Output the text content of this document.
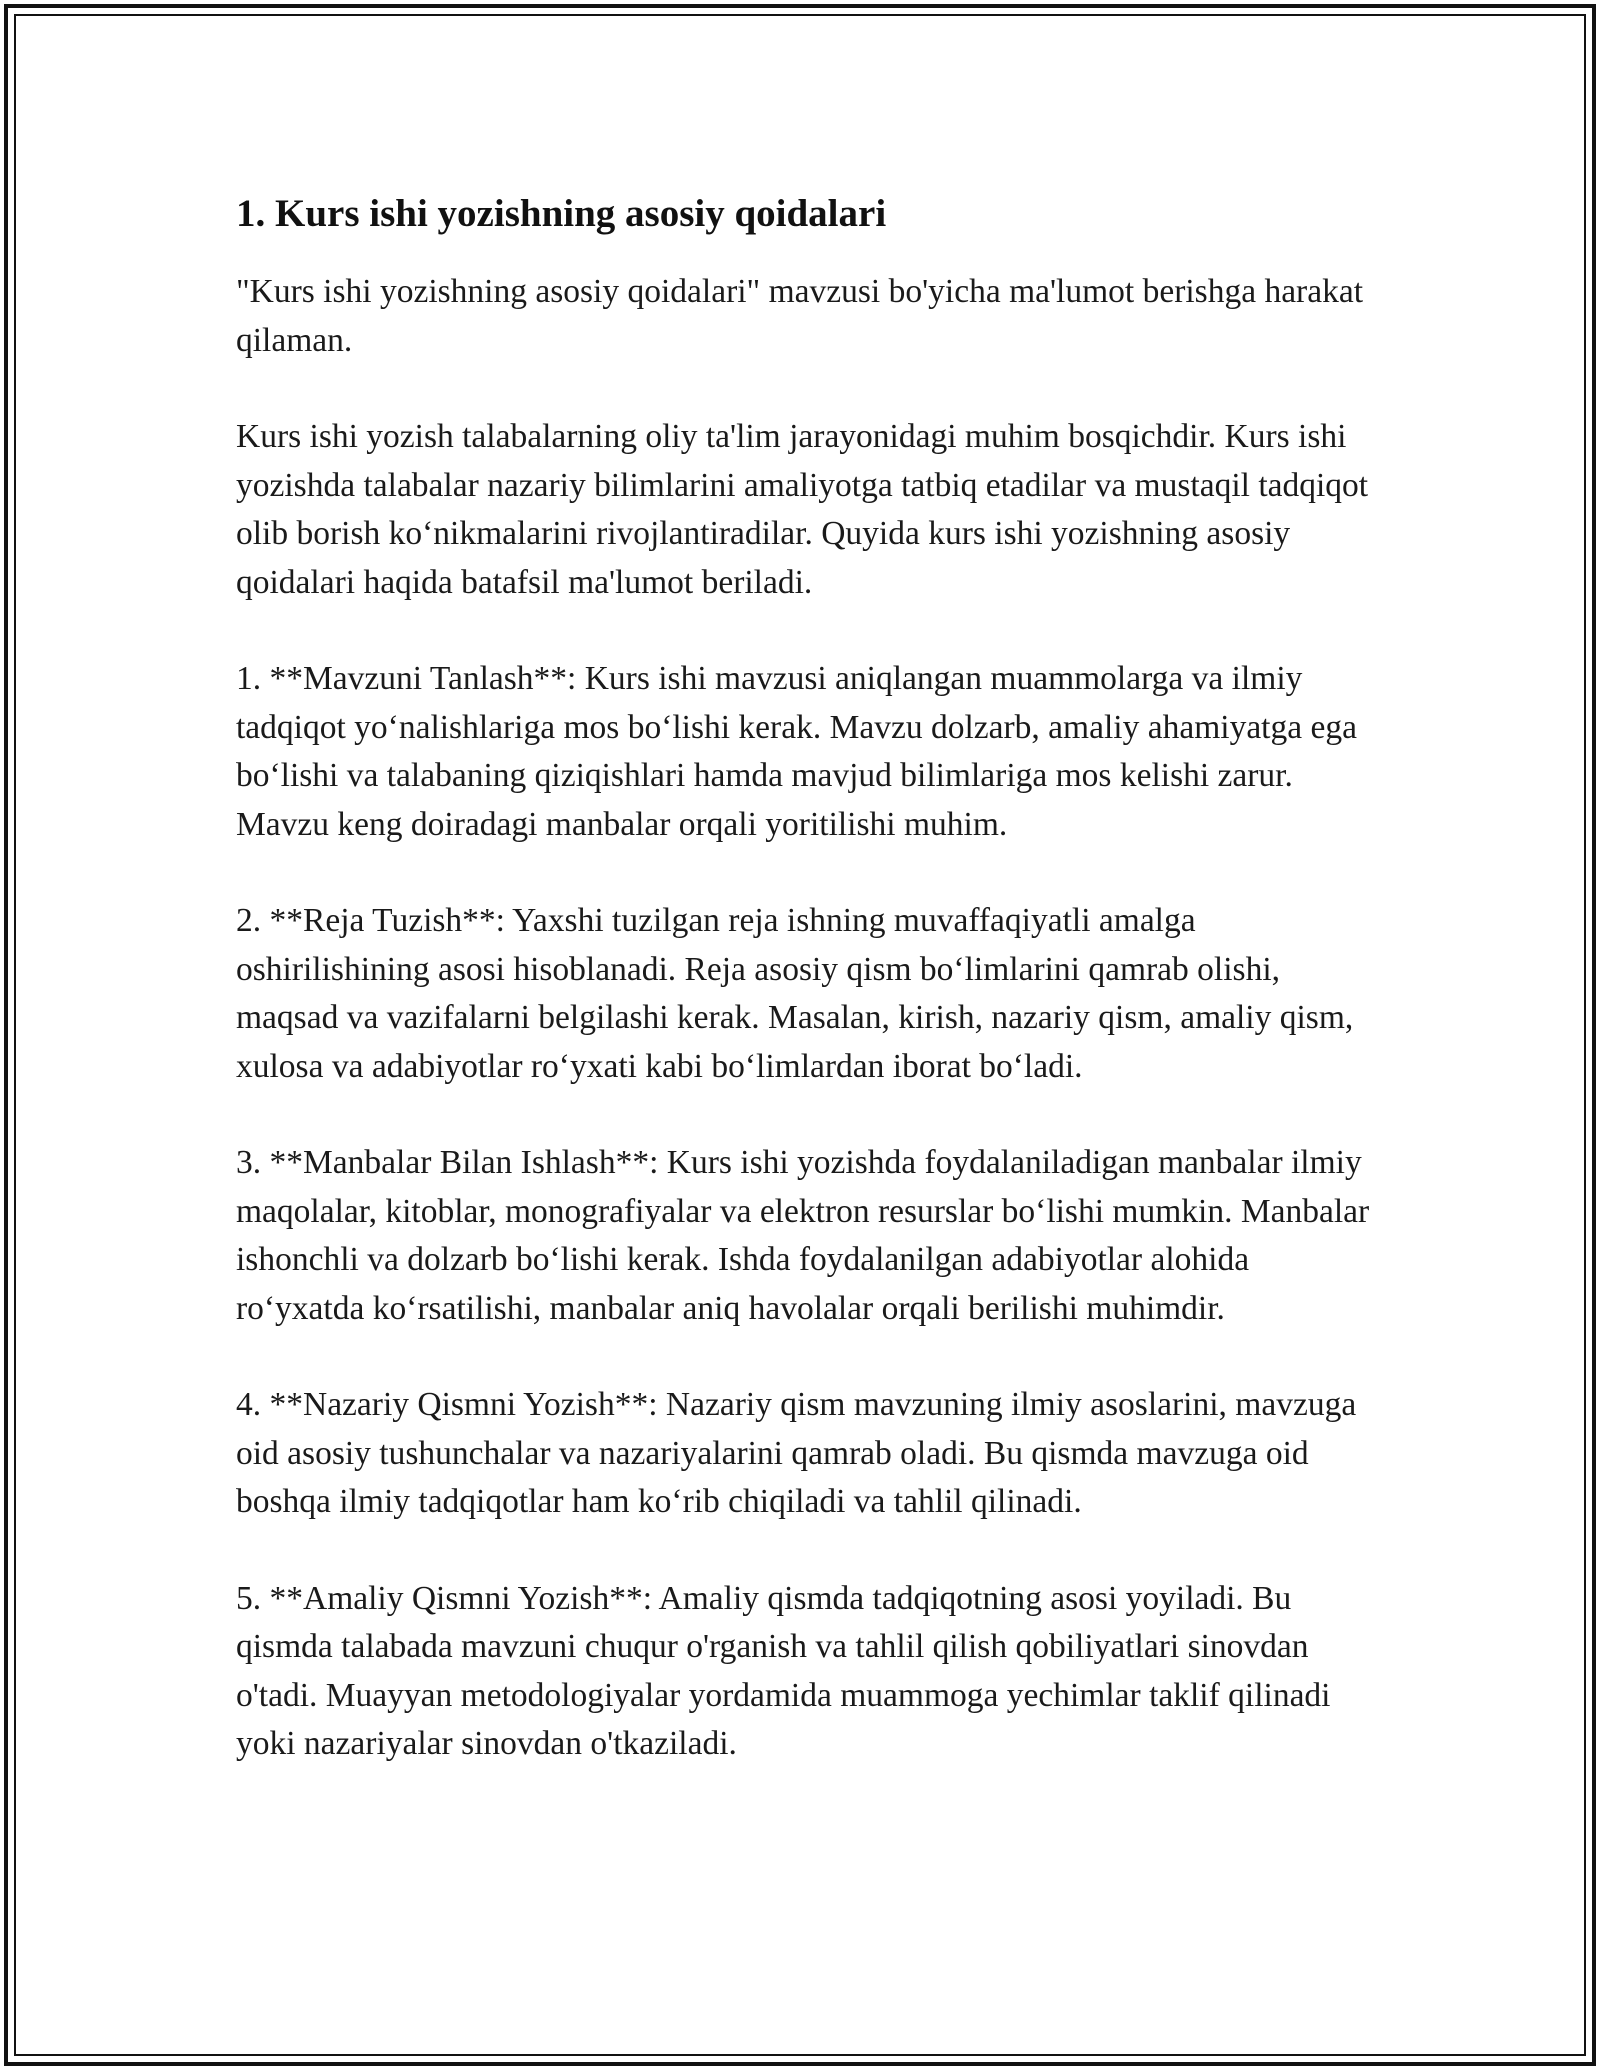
1. Kurs ishi yozishning asosiy qoidalari

"Kurs ishi yozishning asosiy qoidalari" mavzusi bo'yicha ma'lumot berishga harakat qilaman.

Kurs ishi yozish talabalarning oliy ta'lim jarayonidagi muhim bosqichdir. Kurs ishi yozishda talabalar nazariy bilimlarini amaliyotga tatbiq etadilar va mustaqil tadqiqot olib borish ko‘nikmalarini rivojlantiradilar. Quyida kurs ishi yozishning asosiy qoidalari haqida batafsil ma'lumot beriladi.

1. **Mavzuni Tanlash**: Kurs ishi mavzusi aniqlangan muammolarga va ilmiy tadqiqot yo‘nalishlariga mos bo‘lishi kerak. Mavzu dolzarb, amaliy ahamiyatga ega bo‘lishi va talabaning qiziqishlari hamda mavjud bilimlariga mos kelishi zarur. Mavzu keng doiradagi manbalar orqali yoritilishi muhim.

2. **Reja Tuzish**: Yaxshi tuzilgan reja ishning muvaffaqiyatli amalga oshirilishining asosi hisoblanadi. Reja asosiy qism bo‘limlarini qamrab olishi, maqsad va vazifalarni belgilashi kerak. Masalan, kirish, nazariy qism, amaliy qism, xulosa va adabiyotlar ro‘yxati kabi bo‘limlardan iborat bo‘ladi.

3. **Manbalar Bilan Ishlash**: Kurs ishi yozishda foydalaniladigan manbalar ilmiy maqolalar, kitoblar, monografiyalar va elektron resurslar bo‘lishi mumkin. Manbalar ishonchli va dolzarb bo‘lishi kerak. Ishda foydalanilgan adabiyotlar alohida ro‘yxatda ko‘rsatilishi, manbalar aniq havolalar orqali berilishi muhimdir.

4. **Nazariy Qismni Yozish**: Nazariy qism mavzuning ilmiy asoslarini, mavzuga oid asosiy tushunchalar va nazariyalarini qamrab oladi. Bu qismda mavzuga oid boshqa ilmiy tadqiqotlar ham ko‘rib chiqiladi va tahlil qilinadi.

5. **Amaliy Qismni Yozish**: Amaliy qismda tadqiqotning asosi yoyiladi. Bu qismda talabada mavzuni chuqur o'rganish va tahlil qilish qobiliyatlari sinovdan o'tadi. Muayyan metodologiyalar yordamida muammoga yechimlar taklif qilinadi yoki nazariyalar sinovdan o'tkaziladi.
